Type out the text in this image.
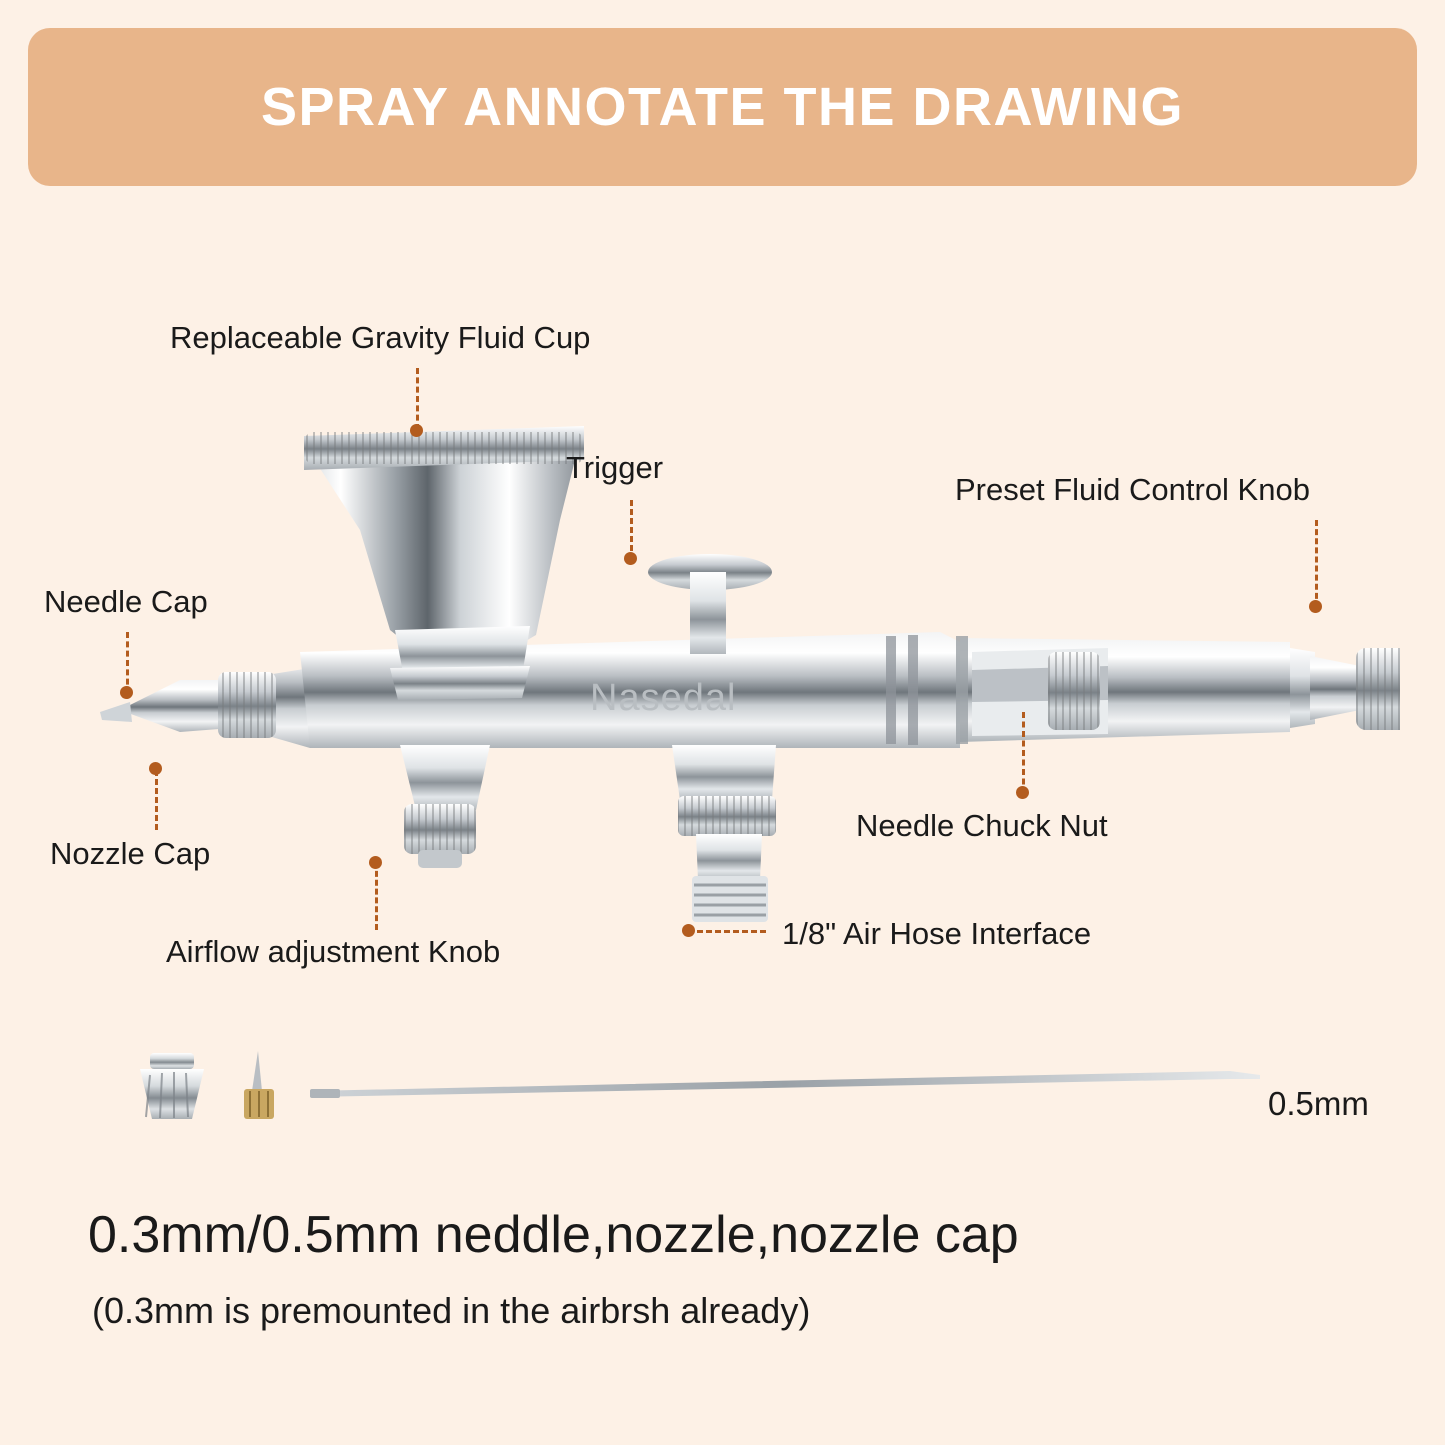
SPRAY ANNOTATE THE DRAWING
Nasedal
Replaceable Gravity Fluid Cup
Trigger
Preset Fluid Control Knob
Needle Cap
Nozzle Cap
Airflow adjustment Knob
Needle Chuck Nut
1/8" Air Hose Interface
0.5mm
0.3mm/0.5mm neddle,nozzle,nozzle cap
(0.3mm is premounted in the airbrsh already)
